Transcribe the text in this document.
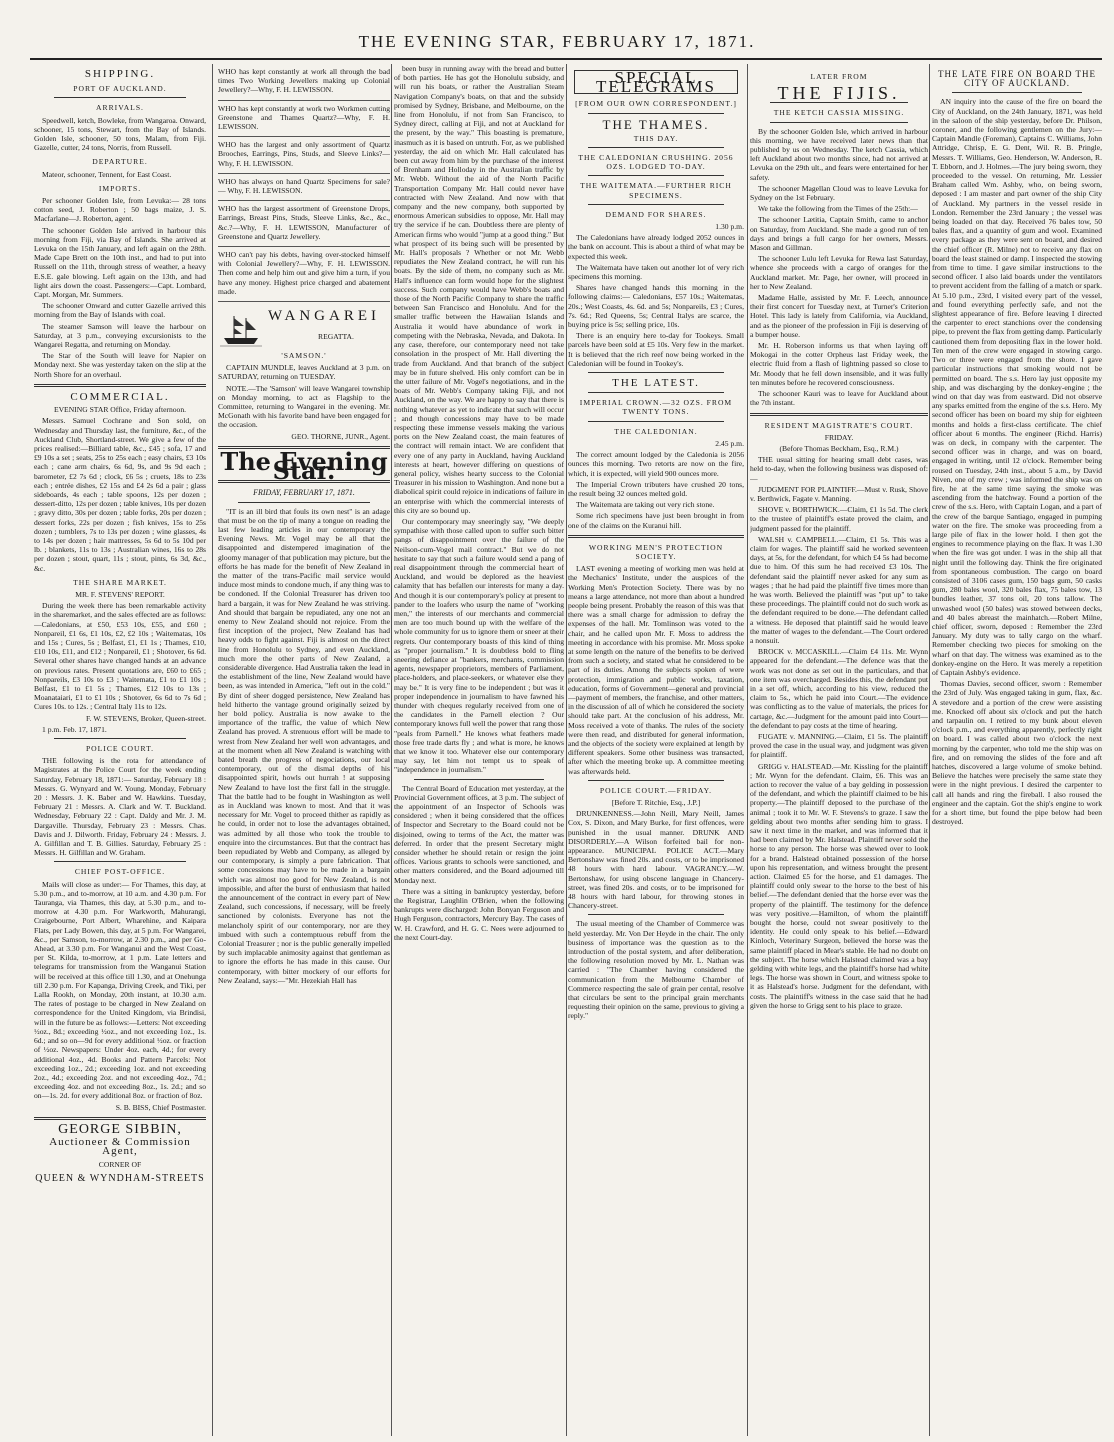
THE EVENING STAR, FEBRUARY 17, 1871.
SHIPPING.
PORT OF AUCKLAND.
ARRIVALS.

Speedwell, ketch, Bowleke, from Wangarоa. Onward, schooner, 15 tons, Stewart, from the Bay of Islands. Golden Isle, schooner, 50 tons, Malam, from Fiji. Gazelle, cutter, 24 tons, Norris, from Russell.

DEPARTURE.

Mateor, schooner, Tennent, for East Coast.

IMPORTS.

Per schooner Golden Isle, from Levuka:— 28 tons cotton seed, J. Roberton ; 50 bags maize, J. S. Macfarlane—J. Roberton, agent.

The schooner Golden Isle arrived in harbour this morning from Fiji, via Bay of Islands. She arrived at Levuka on the 15th January, and left again on the 28th. Made Cape Brett on the 10th inst., and had to put into Russell on the 11th, through stress of weather, a heavy E.S.E. gale blowing. Left again on the 13th, and had light airs down the coast. Passengers:—Capt. Lombard, Capt. Morgan, Mr. Summers.

The schooner Onward and cutter Gazelle arrived this morning from the Bay of Islands with coal.

The steamer Samson will leave the harbour on Saturday, at 3 p.m., conveying excursionists to the Wangarei Regatta, and returning on Monday.

The Star of the South will leave for Napier on Monday next. She was yesterday taken on the slip at the North Shore for an overhaul.

COMMERCIAL.

EVENING STAR Office, Friday afternoon.

Messrs. Samuel Cochrane and Son sold, on Wednesday and Thursday last, the furniture, &c., of the Auckland Club, Shortland-street. We give a few of the prices realised:—Billiard table, &c., £45 ; sofa, 17 and £9 10s a set ; seats, 25s to 25s each ; easy chairs, £3 10s each ; cane arm chairs, 6s 6d, 9s, and 9s 9d each ; barometer, £2 7s 6d ; clock, £6 5s ; cruets, 18s to 23s each ; entrée dishes, £2 15s and £4 2s 6d a pair ; glass sideboards, 4s each ; table spoons, 12s per dozen ; dessert-ditto, 12s per dozen ; table knives, 10s per dozen ; gravy ditto, 30s per dozen ; table forks, 20s per dozen ; dessert forks, 22s per dozen ; fish knives, 15s to 25s dozen ; tumblers, 7s to 13s per dozen ; wine glasses, 4s to 14s per dozen ; hair mattresses, 5s 6d to 5s 10d per lb. ; blankets, 11s to 13s ; Australian wines, 16s to 28s per dozen ; stout, quart, 11s ; stout, pints, 6s 3d, &c., &c.

THE SHARE MARKET.

MR. F. STEVENS' REPORT.

During the week there has been remarkable activity in the sharemarket, and the sales effected are as follows:—Caledonians, at £50, £53 10s, £55, and £60 ; Nonpareil, £1 6s, £1 10s, £2, £2 10s ; Waitematas, 10s and 15s ; Cures, 5s ; Belfast, £1, £1 1s ; Thames, £10, £10 10s, £11, and £12 ; Nonpareil, £1 ; Shotover, 6s 6d. Several other shares have changed hands at an advance on previous rates. Present quotations are, £60 to £65 ; Nonpareils, £3 10s to £3 ; Waitemata, £1 to £1 10s ; Belfast, £1 to £1 5s ; Thames, £12 10s to 13s ; Moanataiari, £1 to £1 10s ; Shotover, 6s 6d to 7s 6d ; Cures 10s. to 12s. ; Central Italy 11s to 12s.

F. W. STEVENS, Broker, Queen-street.

1 p.m. Feb. 17, 1871.

POLICE COURT.

THE following is the rota for attendance of Magistrates at the Police Court for the week ending Saturday, February 18, 1871:— Saturday, February 18 : Messrs. G. Wynyard and W. Young. Monday, February 20 : Messrs. J. K. Baber and W. Hawkins. Tuesday, February 21 : Messrs. A. Clark and W. T. Buckland. Wednesday, February 22 : Capt. Daldy and Mr. J. M. Dargaville. Thursday, February 23 : Messrs. Chas. Davis and J. Dilworth. Friday, February 24 : Messrs. J. A. Gilfillan and T. B. Gillies. Saturday, February 25 : Messrs. H. Gilfillan and W. Graham.

CHIEF POST-OFFICE.

Mails will close as under:— For Thames, this day, at 5.30 p.m., and to-morrow, at 10 a.m. and 4.30 p.m. For Tauranga, via Thames, this day, at 5.30 p.m., and to-morrow at 4.30 p.m. For Warkworth, Mahurangi, Craigebourne, Port Albert, Wharehine, and Kaipara Flats, per Lady Bowen, this day, at 5 p.m. For Wangarei, &c., per Samson, to-morrow, at 2.30 p.m., and per Go-Ahead, at 3.30 p.m. For Wanganui and the West Coast, per St. Kilda, to-morrow, at 1 p.m. Late letters and telegrams for transmission from the Wanganui Station will be received at this office till 1.30, and at Onehunga till 2.30 p.m. For Kapanga, Driving Creek, and Tiki, per Lalla Rookh, on Monday, 20th instant, at 10.30 a.m. The rates of postage to be charged in New Zealand on correspondence for the United Kingdom, via Brindisi, will in the future be as follows:—Letters: Not exceeding ½oz., 8d.; exceeding ½oz., and not exceeding 1oz., 1s. 6d.; and so on—9d for every additional ½oz. or fraction of ½oz. Newspapers: Under 4oz. each, 4d.; for every additional 4oz., 4d. Books and Pattern Parcels: Not exceeding 1oz., 2d.; exceeding 1oz. and not exceeding 2oz., 4d.; exceeding 2oz. and not exceeding 4oz., 7d.; exceeding 4oz. and not exceeding 8oz., 1s. 2d.; and so on—1s. 2d. for every additional 8oz. or fraction of 8oz.

S. B. BISS, Chief Postmaster.

GEORGE SIBBIN,
Auctioneer & Commission Agent,

CORNER OF

QUEEN & WYNDHAM-STREETS

WHO has kept constantly at work all through the bad times Two Working Jewellers making up Colonial Jewellery?—Why, F. H. LEWISSON.

WHO has kept constantly at work two Workmen cutting Greenstone and Thames Quartz?—Why, F. H. LEWISSON.

WHO has the largest and only assortment of Quartz Brooches, Earrings, Pins, Studs, and Sleeve Links?—Why, F. H. LEWISSON.

WHO has always on hand Quartz Specimens for sale? — Why, F. H. LEWISSON.

WHO has the largest assortment of Greenstone Drops, Earrings, Breast Pins, Studs, Sleeve Links, &c., &c., &c.?—Why, F. H. LEWISSON, Manufacturer of Greenstone and Quartz Jewellery.

WHO can't pay his debts, having over-stocked himself with Colonial Jewellery?—Why, F. H. LEWISSON. Then come and help him out and give him a turn, if you have any money. Highest price charged and abatement made.

WANGAREI
REGATTA.
'SAMSON.'

CAPTAIN MUNDLE, leaves Auckland at 3 p.m. on SATURDAY, returning on TUESDAY.

NOTE.—The 'Samson' will leave Wangarei township on Monday morning, to act as Flagship to the Committee, returning to Wangarei in the evening. Mr. McGonath with his favorite band have been engaged for the occasion.

GEO. THORNE, JUNR., Agent.

The Evening Star.
FRIDAY, FEBRUARY 17, 1871.

"IT is an ill bird that fouls its own nest" is an adage that must be on the tip of many a tongue on reading the last few leading articles in our contemporary the Evening News. Mr. Vogel may be all that the disappointed and distempered imagination of the gloomy manager of that publication may picture, but the efforts he has made for the benefit of New Zealand in the matter of the trans-Pacific mail service would induce most minds to condone much, if any thing was to be condoned. If the Colonial Treasurer has driven too hard a bargain, it was for New Zealand he was striving. And should that bargain be repudiated, any one not an enemy to New Zealand should not rejoice. From the first inception of the project, New Zealand has had heavy odds to fight against. Fiji is almost on the direct line from Honolulu to Sydney, and even Auckland, much more the other parts of New Zealand, a considerable divergence. Had Australia taken the lead in the establishment of the line, New Zealand would have been, as was intended in America, "left out in the cold." By dint of sheer dogged persistence, New Zealand has held hitherto the vantage ground originally seized by her bold policy. Australia is now awake to the importance of the traffic, the value of which New Zealand has proved. A strenuous effort will be made to wrest from New Zealand her well won advantages, and at the moment when all New Zealand is watching with bated breath the progress of negociations, our local contemporary, out of the dismal depths of his disappointed spirit, howls out hurrah ! at supposing New Zealand to have lost the first fall in the struggle. That the battle had to be fought in Washington as well as in Auckland was known to most. And that it was necessary for Mr. Vogel to proceed thither as rapidly as he could, in order not to lose the advantages obtained, was admitted by all those who took the trouble to enquire into the circumstances. But that the contract has been repudiated by Webb and Company, as alleged by our contemporary, is simply a pure fabrication. That some concessions may have to be made in a bargain which was almost too good for New Zealand, is not impossible, and after the burst of enthusiasm that hailed the announcement of the contract in every part of New Zealand, such concessions, if necessary, will be freely sanctioned by colonists. Everyone has not the melancholy spirit of our contemporary, nor are they imbued with such a contemptuous rebuff from the Colonial Treasurer ; nor is the public generally impelled by such implacable animosity against that gentleman as to ignore the efforts he has made in this cause. Our contemporary, with bitter mockery of our efforts for New Zealand, says:—"Mr. Hezekiah Hall has

been busy in running away with the bread and butter of both parties. He has got the Honolulu subsidy, and will run his boats, or rather the Australian Steam Navigation Company's boats, on that and the subsidy promised by Sydney, Brisbane, and Melbourne, on the line from Honolulu, if not from San Francisco, to Sydney direct, calling at Fiji, and not at Auckland for the present, by the way." This boasting is premature, inasmuch as it is based on untruth. For, as we published yesterday, the aid on which Mr. Hall calculated has been cut away from him by the purchase of the interest of Brenham and Holloday in the Australian traffic by Mr. Webb. Without the aid of the North Pacific Transportation Company Mr. Hall could never have contracted with New Zealand. And now with that company and the new company, both supported by enormous American subsidies to oppose, Mr. Hall may try the service if he can. Doubtless there are plenty of American firms who would "jump at a good thing." But what prospect of its being such will be presented by Mr. Hall's proposals ? Whether or not Mr. Webb repudiates the New Zealand contract, he will run his boats. By the side of them, no company such as Mr. Hall's influence can form would hope for the slightest success. Such company would have Webb's boats and those of the North Pacific Company to share the traffic between San Francisco and Honolulu. And for the smaller traffic between the Hawaiian Islands and Australia it would have abundance of work in competing with the Nebraska, Nevada, and Dakota. In any case, therefore, our contemporary need not take consolation in the prospect of Mr. Hall diverting the trade from Auckland. And that branch of the subject may be in future shelved. His only comfort can be in the utter failure of Mr. Vogel's negotiations, and in the boats of Mr. Webb's Company taking Fiji, and not Auckland, on the way. We are happy to say that there is nothing whatever as yet to indicate that such will occur ; and though concessions may have to be made respecting these immense vessels making the various ports on the New Zealand coast, the main features of the contract will remain intact. We are confident that every one of any party in Auckland, having Auckland interests at heart, however differing on questions of general policy, wishes hearty success to the Colonial Treasurer in his mission to Washington. And none but a diabolical spirit could rejoice in indications of failure in an enterprise with which the commercial interests of this city are so bound up.

Our contemporary may sneeringly say, "We deeply sympathise with those called upon to suffer such bitter pangs of disappointment over the failure of the Neilson-cum-Vogel mail contract." But we do not hesitate to say that such a failure would send a pang of real disappointment through the commercial heart of Auckland, and would be deplored as the heaviest calamity that has befallen our interests for many a day. And though it is our contemporary's policy at present to pander to the loafers who usurp the name of "working men," the interests of our merchants and commercial men are too much bound up with the welfare of the whole community for us to ignore them or sneer at their regrets. Our contemporary boasts of this kind of thing as "proper journalism." It is doubtless bold to fling sneering defiance at "bankers, merchants, commission agents, newspaper proprietors, members of Parliament, place-holders, and place-seekers, or whatever else they may be." It is very fine to be independent ; but was it proper independence in journalism to have fawned his thunder with cheques regularly received from one of the candidates in the Parnell election ? Our contemporary knows full well the power that rang those "peals from Parnell." He knows what feathers made those free trade darts fly ; and what is more, he knows that we know it too. Whatever else our contemporary may say, let him not tempt us to speak of "independence in journalism."

The Central Board of Education met yesterday, at the Provincial Government offices, at 3 p.m. The subject of the appointment of an Inspector of Schools was considered ; when it being considered that the offices of Inspector and Secretary to the Board could not be disjoined, owing to terms of the Act, the matter was deferred. In order that the present Secretary might consider whether he should retain or resign the joint offices. Various grants to schools were sanctioned, and other matters considered, and the Board adjourned till Monday next.

There was a sitting in bankruptcy yesterday, before the Registrar, Laughlin O'Brien, when the following bankrupts were discharged: John Bonyan Ferguson and Hugh Ferguson, contractors, Mercury Bay. The cases of W. H. Crawford, and H. G. C. Nees were adjourned to the next Court-day.

SPECIAL TELEGRAMS
[FROM OUR OWN CORRESPONDENT.]
THE THAMES.
THIS DAY.
THE CALEDONIAN CRUSHING. 2056 OZS. LODGED TO-DAY.
THE WAITEMATA.—FURTHER RICH SPECIMENS.
DEMAND FOR SHARES.

1.30 p.m.

The Caledonians have already lodged 2052 ounces in the bank on account. This is about a third of what may be expected this week.

The Waitemata have taken out another lot of very rich specimens this morning.

Shares have changed hands this morning in the following claims:— Caledonians, £57 10s.; Waitematas, 20s.; West Coasts, 4s. 6d. and 5s; Nonpareils, £3 ; Cures, 7s. 6d.; Red Queens, 5s; Central Italys are scarce, the buying price is 5s; selling price, 10s.

There is an enquiry here to-day for Tookeys. Small parcels have been sold at £5 10s. Very few in the market. It is believed that the rich reef now being worked in the Caledonian will be found in Tookey's.

THE LATEST.
IMPERIAL CROWN.—32 OZS. FROM TWENTY TONS.
THE CALEDONIAN.

2.45 p.m.

The correct amount lodged by the Caledonia is 2056 ounces this morning. Two retorts are now on the fire, which, it is expected, will yield 900 ounces more.

The Imperial Crown tributers have crushed 20 tons, the result being 32 ounces melted gold.

The Waitemata are taking out very rich stone.

Some rich specimens have just been brought in from one of the claims on the Kuranui hill.

WORKING MEN'S PROTECTION SOCIETY.

LAST evening a meeting of working men was held at the Mechanics' Institute, under the auspices of the Working Men's Protection Society. There was by no means a large attendance, not more than about a hundred people being present. Probably the reason of this was that there was a small charge for admission to defray the expenses of the hall. Mr. Tomlinson was voted to the chair, and he called upon Mr. F. Moss to address the meeting in accordance with his promise. Mr. Moss spoke at some length on the nature of the benefits to be derived from such a society, and stated what he considered to be part of its duties. Among the subjects spoken of were protection, immigration and public works, taxation, education, forms of Government—general and provincial—payment of members, the franchise, and other matters, in the discussion of all of which he considered the society should take part. At the conclusion of his address, Mr. Moss received a vote of thanks. The rules of the society were then read, and distributed for general information, and the objects of the society were explained at length by different speakers. Some other business was transacted, after which the meeting broke up. A committee meeting was afterwards held.

POLICE COURT.—FRIDAY.

[Before T. Ritchie, Esq., J.P.]

DRUNKENNESS.—John Neill, Mary Neill, James Cox, S. Dixon, and Mary Burke, for first offences, were punished in the usual manner. DRUNK AND DISORDERLY.—A Wilson forfeited bail for non-appearance. MUNICIPAL POLICE ACT.—Mary Bertonshaw was fined 20s. and costs, or to be imprisoned 48 hours with hard labour. VAGRANCY.—W. Bertonshaw, for using obscene language in Chancery-street, was fined 20s. and costs, or to be imprisoned for 48 hours with hard labour, for throwing stones in Chancery-street.

The usual meeting of the Chamber of Commerce was held yesterday. Mr. Von Der Heyde in the chair. The only business of importance was the question as to the introduction of the postal system, and after deliberation, the following resolution moved by Mr. L. Nathan was carried : "The Chamber having considered the communication from the Melbourne Chamber of Commerce respecting the sale of grain per cental, resolve that circulars be sent to the principal grain merchants requesting their opinion on the same, previous to giving a reply."

LATER FROM
THE FIJIS.
THE KETCH CASSIA MISSING.

By the schooner Golden Isle, which arrived in harbour this morning, we have received later news than that published by us on Wednesday. The ketch Cassia, which left Auckland about two months since, had not arrived at Levuka on the 29th ult., and fears were entertained for her safety.

The schooner Magellan Cloud was to leave Levuka for Sydney on the 1st February.

We take the following from the Times of the 25th:—

The schooner Lætitia, Captain Smith, came to anchor on Saturday, from Auckland. She made a good run of ten days and brings a full cargo for her owners, Messrs. Mason and Gillman.

The schooner Lulu left Levuka for Rewa last Saturday, whence she proceeds with a cargo of oranges for the Auckland market. Mr. Page, her owner, will proceed in her to New Zealand.

Madame Halle, assisted by Mr. F. Leech, announce their first concert for Tuesday next, at Turner's Criterion Hotel. This lady is lately from California, via Auckland, and as the pioneer of the profession in Fiji is deserving of a bumper house.

Mr. H. Roberson informs us that when laying off Mokogai in the cotter Orpheus last Friday week, the electric fluid from a flash of lightning passed so close to Mr. Moody that he fell down insensible, and it was fully ten minutes before he recovered consciousness.

The schooner Kauri was to leave for Auckland about the 7th instant.

RESIDENT MAGISTRATE'S COURT.

FRIDAY.

(Before Thomas Beckham, Esq., R.M.)

THE usual sitting for hearing small debt cases, was held to-day, when the following business was disposed of:—

JUDGMENT FOR PLAINTIFF.—Must v. Rusk, Shove v. Berthwick, Fagate v. Manning.

SHOVE v. BORTHWICK.—Claim, £1 1s 5d. The clerk to the trustee of plaintiff's estate proved the claim, and judgment passed for the plaintiff.

WALSH v. CAMPBELL.—Claim, £1 5s. This was a claim for wages. The plaintiff said he worked seventeen days, at 5s, for the defendant, for which £4 5s had become due to him. Of this sum he had received £3 10s. The defendant said the plaintiff never asked for any sum as wages ; that he had paid the plaintiff five times more than he was worth. Believed the plaintiff was "put up" to take these proceedings. The plaintiff could not do such work as the defendant required to be done.—The defendant called a witness. He deposed that plaintiff said he would leave the matter of wages to the defendant.—The Court ordered a nonsuit.

BROCK v. MCCASKILL.—Claim £4 11s. Mr. Wynn appeared for the defendant.—The defence was that the work was not done as set out in the particulars, and that one item was overcharged. Besides this, the defendant put in a set off, which, according to his view, reduced the claim to 5s., which he paid into Court.—The evidence was conflicting as to the value of materials, the prices for cartage, &c.—Judgment for the amount paid into Court—the defendant to pay costs at the time of hearing.

FUGATE v. MANNING.—Claim, £1 5s. The plaintiff proved the case in the usual way, and judgment was given for plaintiff.

GRIGG v. HALSTEAD.—Mr. Kissling for the plaintiff ; Mr. Wynn for the defendant. Claim, £6. This was an action to recover the value of a bay gelding in possession of the defendant, and which the plaintiff claimed to be his property.—The plaintiff deposed to the purchase of the animal ; took it to Mr. W. F. Stevens's to graze. I saw the gelding about two months after sending him to grass. I saw it next time in the market, and was informed that it had been claimed by Mr. Halstead. Plaintiff never sold the horse to any person. The horse was shewed over to look for a brand. Halstead obtained possession of the horse upon his representation, and witness brought the present action. Claimed £5 for the horse, and £1 damages. The plaintiff could only swear to the horse to the best of his belief.—The defendant denied that the horse ever was the property of the plaintiff. The testimony for the defence was very positive.—Hamilton, of whom the plaintiff bought the horse, could not swear positively to the identity. He could only speak to his belief.—Edward Kinloch, Veterinary Surgeon, believed the horse was the same plaintiff placed in Mear's stable. He had no doubt on the subject. The horse which Halstead claimed was a bay gelding with white legs, and the plaintiff's horse had white legs. The horse was shown in Court, and witness spoke to it as Halstead's horse. Judgment for the defendant, with costs. The plaintiff's witness in the case said that he had given the horse to Grigg sent to his place to graze.

THE LATE FIRE ON BOARD THE CITY OF AUCKLAND.

AN inquiry into the cause of the fire on board the City of Auckland, on the 24th January, 1871, was held in the saloon of the ship yesterday, before Dr. Philson, coroner, and the following gentlemen on the Jury:—Captain Mandle (Foreman), Captains C. Williams, John Attridge, Chrisp, E. G. Dent, Wil. R. B. Pringle, Messrs. T. Williams, Geo. Henderson, W. Anderson, R. T. Ebborn, and J. Holmes.—The jury being sworn, they proceeded to the vessel. On returning, Mr. Lessier Braham called Wm. Ashby, who, on being sworn, deposed : I am master and part owner of the ship City of Auckland. My partners in the vessel reside in London. Remember the 23rd January ; the vessel was being loaded on that day. Received 76 bales tow, 50 bales flax, and a quantity of gum and wool. Examined every package as they were sent on board, and desired the chief officer (R. Milne) not to receive any flax on board the least stained or damp. I inspected the stowing from time to time. I gave similar instructions to the second officer. I also laid boards under the ventilators to prevent accident from the falling of a match or spark. At 5.10 p.m., 23rd, I visited every part of the vessel, and found everything perfectly safe, and not the slightest appearance of fire. Before leaving I directed the carpenter to erect stanchions over the condensing pipe, to prevent the flax from getting damp. Particularly cautioned them from depositing flax in the lower hold. Ten men of the crew were engaged in stowing cargo. Two or three were engaged from the shore. I gave particular instructions that smoking would not be permitted on board. The s.s. Hero lay just opposite my ship, and was discharging by the donkey-engine ; the wind on that day was from eastward. Did not observe any sparks emitted from the engine of the s.s. Hero. My second officer has been on board my ship for eighteen months and holds a first-class certificate. The chief officer about 6 months. The engineer (Richd. Harris) was on deck, in company with the carpenter. The second officer was in charge, and was on board, engaged in writing, until 12 o'clock. Remember being roused on Tuesday, 24th inst., about 5 a.m., by David Niven, one of my crew ; was informed the ship was on fire, he at the same time saying the smoke was ascending from the hatchway. Found a portion of the crew of the s.s. Hero, with Captain Logan, and a part of the crew of the barque Santiago, engaged in pumping water on the fire. The smoke was proceeding from a large pile of flax in the lower hold. I then got the engines to recommence playing on the flax. It was 1.30 when the fire was got under. I was in the ship all that night until the following day. Think the fire originated from spontaneous combustion. The cargo on board consisted of 3106 cases gum, 150 bags gum, 50 casks gum, 280 bales wool, 320 bales flax, 75 bales tow, 13 bundles leather, 37 tons oil, 20 tons tallow. The unwashed wool (50 bales) was stowed between decks, and 40 bales abreast the mainhatch.—Robert Milne, chief officer, sworn, deposed : Remember the 23rd January. My duty was to tally cargo on the wharf. Remember checking two pieces for smoking on the wharf on that day. The witness was examined as to the donkey-engine on the Hero. It was merely a repetition of Captain Ashby's evidence.

Thomas Davies, second officer, sworn : Remember the 23rd of July. Was engaged taking in gum, flax, &c. A stevedore and a portion of the crew were assisting me. Knocked off about six o'clock and put the hatch and tarpaulin on. I retired to my bunk about eleven o'clock p.m., and everything apparently, perfectly right on board. I was called about two o'clock the next morning by the carpenter, who told me the ship was on fire, and on removing the slides of the fore and aft hatches, discovered a large volume of smoke behind. Believe the hatches were precisely the same state they were in the night previous. I desired the carpenter to call all hands and ring the fireball. I also roused the engineer and the captain. Got the ship's engine to work for a short time, but found the pipe below had been destroyed.
